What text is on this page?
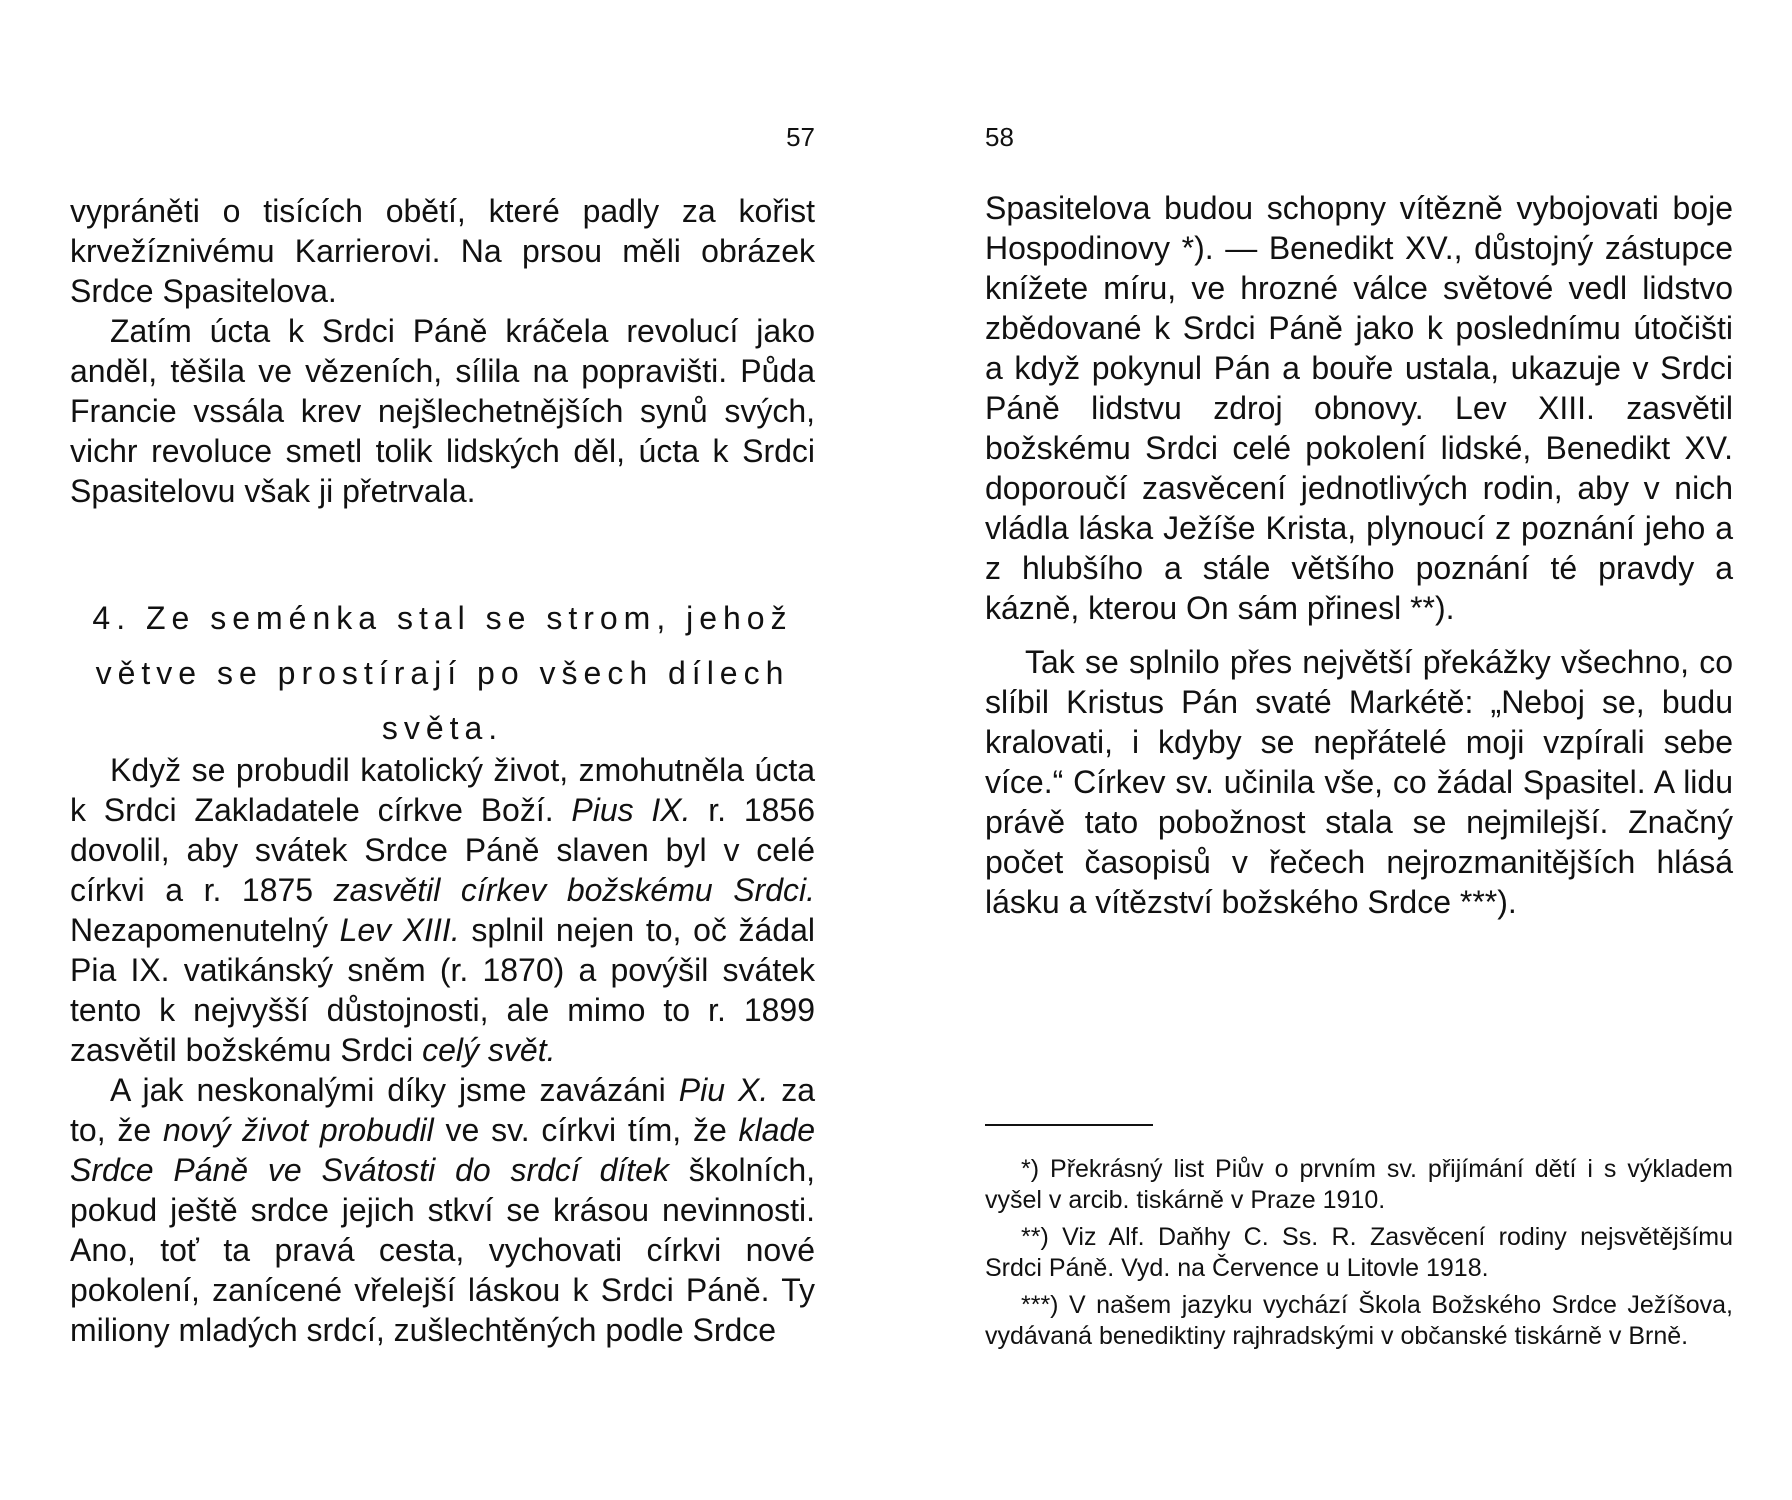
57

vypráněti o tisících obětí, které padly za kořist krvežíznivému Karrierovi. Na prsou měli obrázek Srdce Spasitelova.

Zatím úcta k Srdci Páně kráčela revolucí jako anděl, těšila ve vězeních, sílila na popravišti. Půda Francie vssála krev nejšlechetnějších synů svých, vichr revoluce smetl tolik lidských děl, úcta k Srdci Spasitelovu však ji přetrvala.

4. Ze seménka stal se strom, jehož větve se prostírají po všech dílech světa.

Když se probudil katolický život, zmohutněla úcta k Srdci Zakladatele církve Boží. Pius IX. r. 1856 dovolil, aby svátek Srdce Páně slaven byl v celé církvi a r. 1875 zasvětil církev božskému Srdci. Nezapomenutelný Lev XIII. splnil nejen to, oč žádal Pia IX. vatikánský sněm (r. 1870) a povýšil svátek tento k nejvyšší důstojnosti, ale mimo to r. 1899 zasvětil božskému Srdci celý svět.

A jak neskonalými díky jsme zavázáni Piu X. za to, že nový život probudil ve sv. církvi tím, že klade Srdce Páně ve Svátosti do srdcí dítek školních, pokud ještě srdce jejich stkví se krásou nevinnosti. Ano, toť ta pravá cesta, vychovati církvi nové pokolení, zanícené vřelejší láskou k Srdci Páně. Ty miliony mladých srdcí, zušlechtěných podle Srdce

58

Spasitelova budou schopny vítězně vybojovati boje Hospodinovy *). — Benedikt XV., důstojný zástupce knížete míru, ve hrozné válce světové vedl lidstvo zbědované k Srdci Páně jako k poslednímu útočišti a když pokynul Pán a bouře ustala, ukazuje v Srdci Páně lidstvu zdroj obnovy. Lev XIII. zasvětil božskému Srdci celé pokolení lidské, Benedikt XV. doporoučí zasvěcení jednotlivých rodin, aby v nich vládla láska Ježíše Krista, plynoucí z poznání jeho a z hlubšího a stále většího poznání té pravdy a kázně, kterou On sám přinesl **).

Tak se splnilo přes největší překážky všechno, co slíbil Kristus Pán svaté Markétě: „Neboj se, budu kralovati, i kdyby se nepřátelé moji vzpírali sebe více.“ Církev sv. učinila vše, co žádal Spasitel. A lidu právě tato pobožnost stala se nejmilejší. Značný počet časopisů v řečech nejrozmanitějších hlásá lásku a vítězství božského Srdce ***).

*) Překrásný list Piův o prvním sv. přijímání dětí i s výkladem vyšel v arcib. tiskárně v Praze 1910.

**) Viz Alf. Daňhy C. Ss. R. Zasvěcení rodiny nejsvětějšímu Srdci Páně. Vyd. na Července u Litovle 1918.

***) V našem jazyku vychází Škola Božského Srdce Ježíšova, vydávaná benediktiny rajhradskými v občanské tiskárně v Brně.
